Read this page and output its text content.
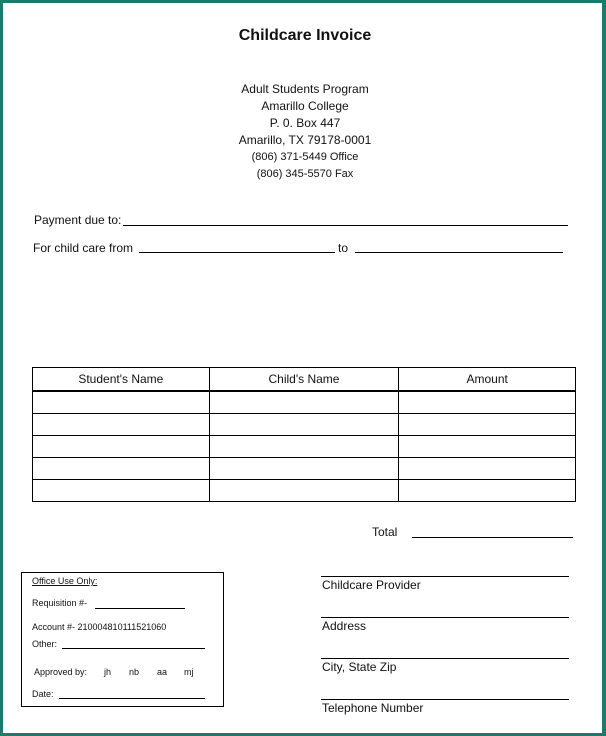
Childcare Invoice
Adult Students Program
Amarillo College
P. 0. Box 447
Amarillo, TX 79178-0001
(806) 371-5449 Office
(806) 345-5570 Fax
Payment due to:
For child care from	to
Student's Name	Child's Name	Amount

Total
Office Use Only:
Requisition #-
Account #- 210004810111521060
Other:
Approved by: jh nb aa mj
Date:
Childcare Provider
Address
City, State Zip
Telephone Number
